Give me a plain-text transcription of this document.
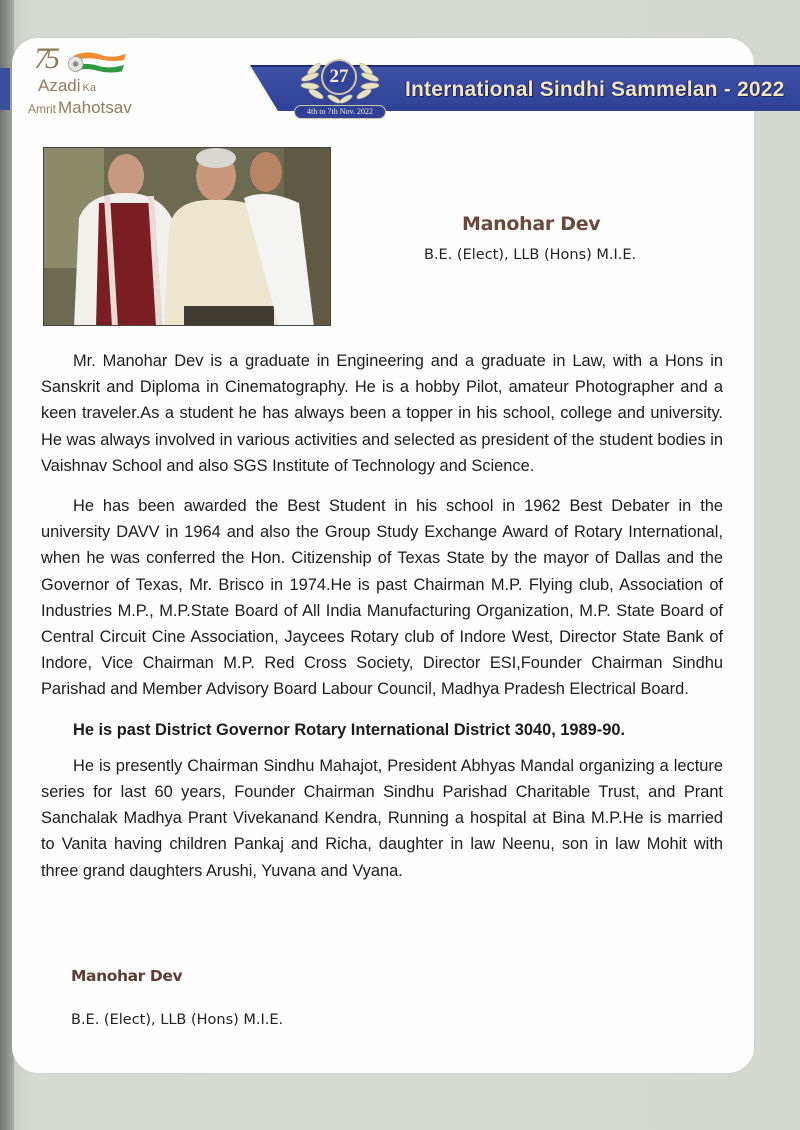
75
Azadi Ka
Amrit Mahotsav
27
4th to 7th Nov. 2022
International Sindhi Sammelan - 2022
Manohar Dev
B.E. (Elect), LLB (Hons) M.I.E.

Mr. Manohar Dev is a graduate in Engineering and a graduate in Law, with a Hons in Sanskrit and Diploma in Cinematography. He is a hobby Pilot, amateur Photographer and a keen traveler.As a student he has always been a topper in his school, college and university. He was always involved in various activities and selected as president of the student bodies in Vaishnav School and also SGS Institute of Technology and Science.

He has been awarded the Best Student in his school in 1962 Best Debater in the university DAVV in 1964 and also the Group Study Exchange Award of Rotary International, when he was conferred the Hon. Citizenship of Texas State by the mayor of Dallas and the Governor of Texas, Mr. Brisco in 1974.He is past Chairman M.P. Flying club, Association of Industries M.P., M.P.State Board of All India Manufacturing Organization, M.P. State Board of Central Circuit Cine Association, Jaycees Rotary club of Indore West, Director State Bank of Indore, Vice Chairman M.P. Red Cross Society, Director ESI,Founder Chairman Sindhu Parishad and Member Advisory Board Labour Council, Madhya Pradesh Electrical Board.

He is past District Governor Rotary International District 3040, 1989-90.

He is presently Chairman Sindhu Mahajot, President Abhyas Mandal organizing a lecture series for last 60 years, Founder Chairman Sindhu Parishad Charitable Trust, and Prant Sanchalak Madhya Prant Vivekanand Kendra, Running a hospital at Bina M.P.He is married to Vanita having children Pankaj and Richa, daughter in law Neenu, son in law Mohit with three grand daughters Arushi, Yuvana and Vyana.

Manohar Dev
B.E. (Elect), LLB (Hons) M.I.E.
